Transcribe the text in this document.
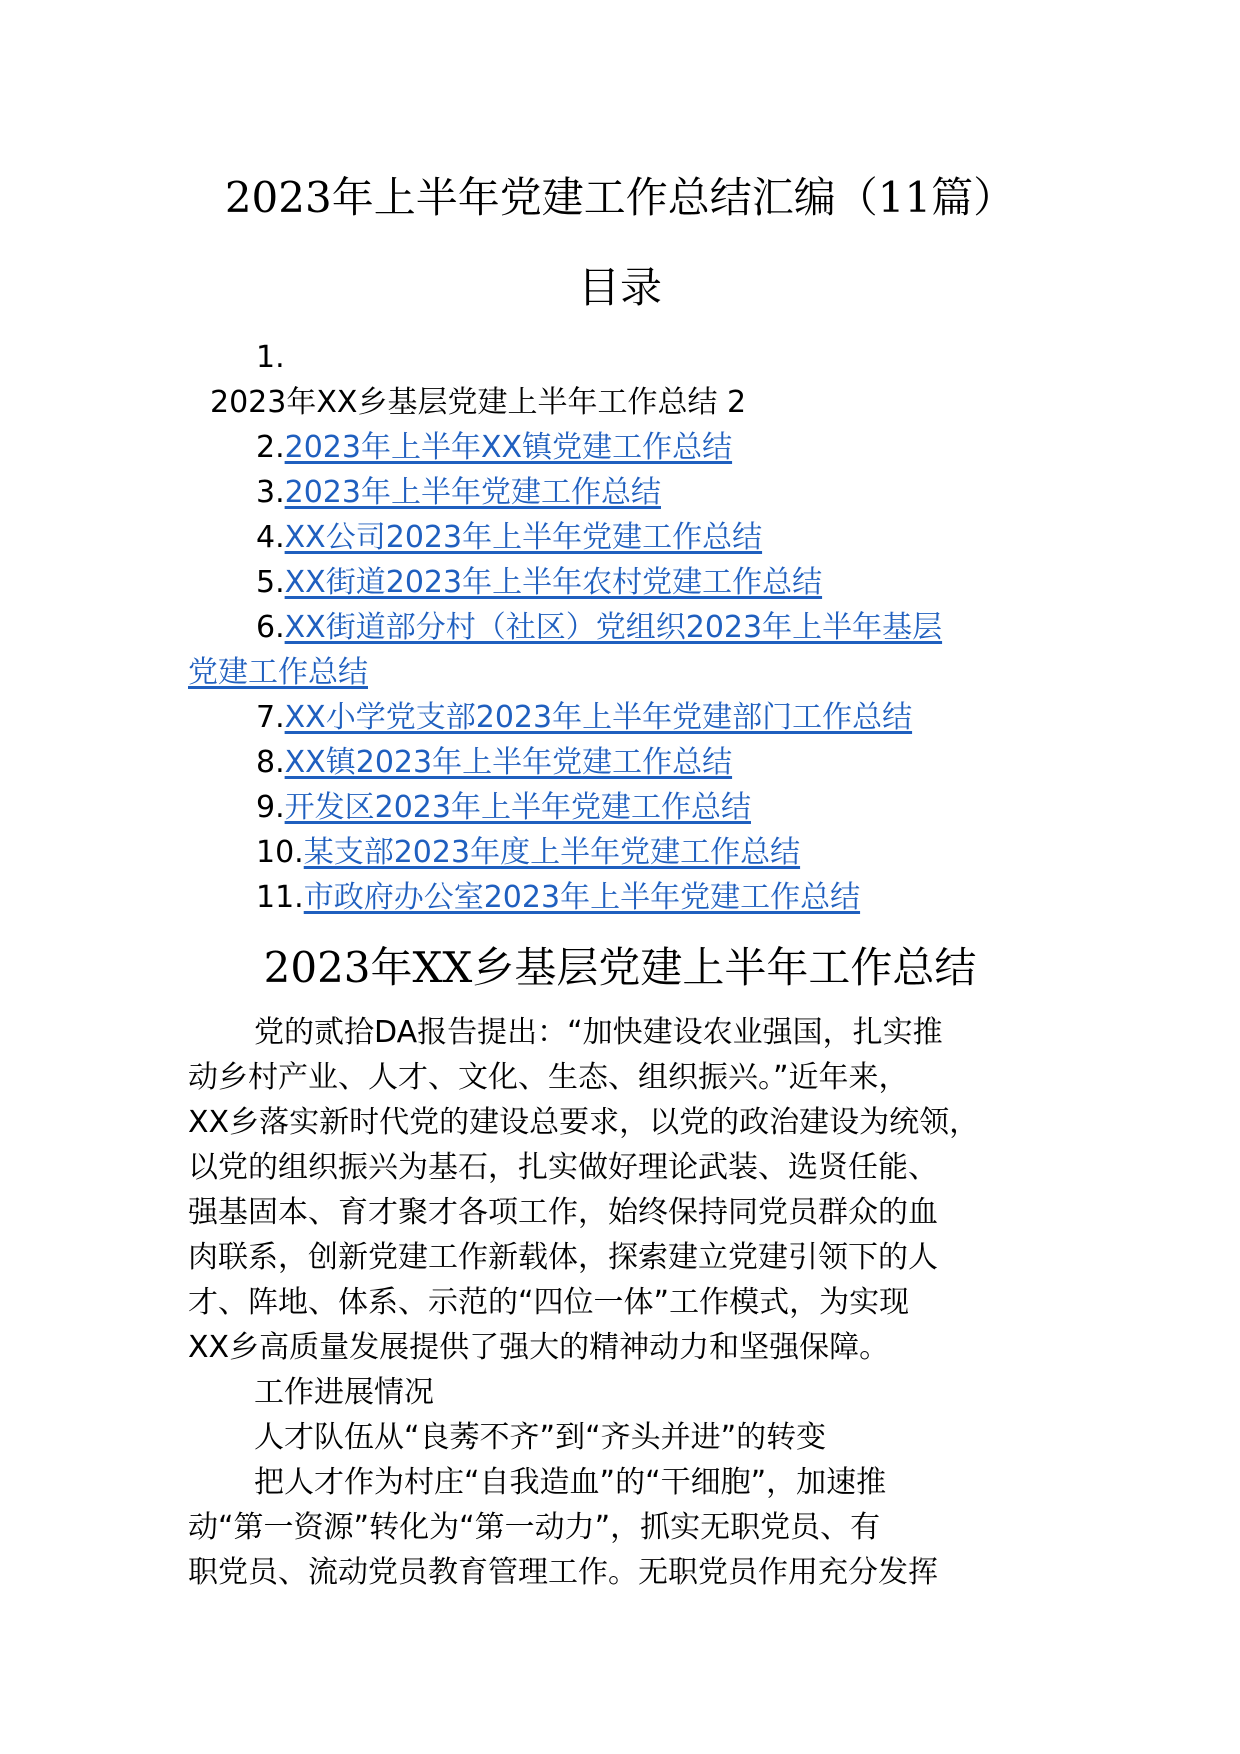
2023年上半年党建工作总结汇编（11篇）
目录
1.
2023年XX乡基层党建上半年工作总结 2
2.2023年上半年XX镇党建工作总结
3.2023年上半年党建工作总结
4.XX公司2023年上半年党建工作总结
5.XX街道2023年上半年农村党建工作总结
6.XX街道部分村（社区）党组织2023年上半年基层
党建工作总结
7.XX小学党支部2023年上半年党建部门工作总结
8.XX镇2023年上半年党建工作总结
9.开发区2023年上半年党建工作总结
10.某支部2023年度上半年党建工作总结
11.市政府办公室2023年上半年党建工作总结
2023年XX乡基层党建上半年工作总结
党的贰拾DA报告提出：“加快建设农业强国，扎实推
动乡村产业、人才、文化、生态、组织振兴。”近年来，
XX乡落实新时代党的建设总要求，以党的政治建设为统领，
以党的组织振兴为基石，扎实做好理论武装、选贤任能、
强基固本、育才聚才各项工作，始终保持同党员群众的血
肉联系，创新党建工作新载体，探索建立党建引领下的人
才、阵地、体系、示范的“四位一体”工作模式，为实现
XX乡高质量发展提供了强大的精神动力和坚强保障。
工作进展情况
人才队伍从“良莠不齐”到“齐头并进”的转变
把人才作为村庄“自我造血”的“干细胞”，加速推
动“第一资源”转化为“第一动力”，抓实无职党员、有
职党员、流动党员教育管理工作。无职党员作用充分发挥
